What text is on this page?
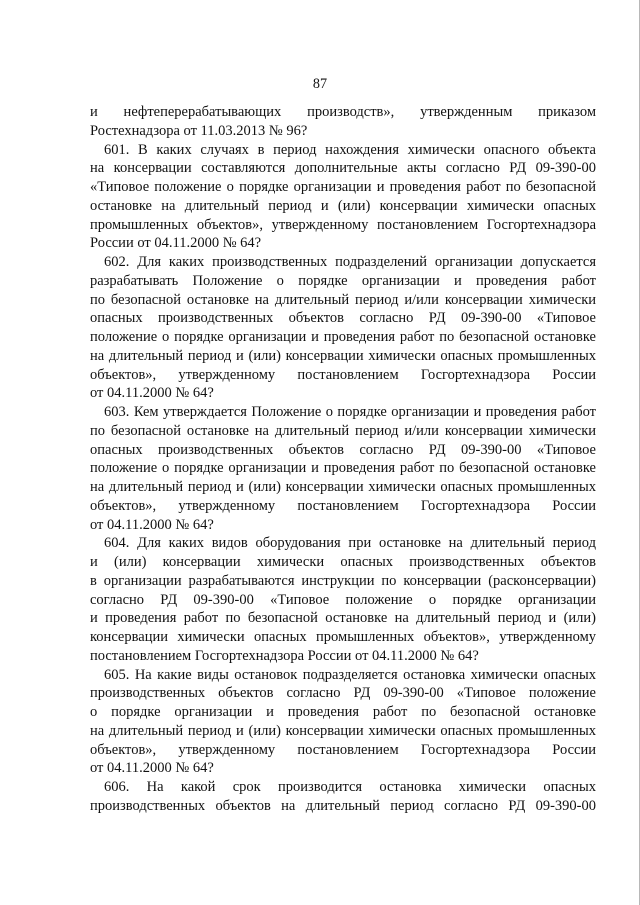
87
и нефтеперерабатывающих производств», утвержденным приказом
Ростехнадзора от 11.03.2013 № 96?
601. В каких случаях в период нахождения химически опасного объекта
на консервации составляются дополнительные акты согласно РД 09-390-00
«Типовое положение о порядке организации и проведения работ по безопасной
остановке на длительный период и (или) консервации химически опасных
промышленных объектов», утвержденному постановлением Госгортехнадзора
России от 04.11.2000 № 64?
602. Для каких производственных подразделений организации допускается
разрабатывать Положение о порядке организации и проведения работ
по безопасной остановке на длительный период и/или консервации химически
опасных производственных объектов согласно РД 09-390-00 «Типовое
положение о порядке организации и проведения работ по безопасной остановке
на длительный период и (или) консервации химически опасных промышленных
объектов», утвержденному постановлением Госгортехнадзора России
от 04.11.2000 № 64?
603. Кем утверждается Положение о порядке организации и проведения работ
по безопасной остановке на длительный период и/или консервации химически
опасных производственных объектов согласно РД 09-390-00 «Типовое
положение о порядке организации и проведения работ по безопасной остановке
на длительный период и (или) консервации химически опасных промышленных
объектов», утвержденному постановлением Госгортехнадзора России
от 04.11.2000 № 64?
604. Для каких видов оборудования при остановке на длительный период
и (или) консервации химически опасных производственных объектов
в организации разрабатываются инструкции по консервации (расконсервации)
согласно РД 09-390-00 «Типовое положение о порядке организации
и проведения работ по безопасной остановке на длительный период и (или)
консервации химически опасных промышленных объектов», утвержденному
постановлением Госгортехнадзора России от 04.11.2000 № 64?
605. На какие виды остановок подразделяется остановка химически опасных
производственных объектов согласно РД 09-390-00 «Типовое положение
о порядке организации и проведения работ по безопасной остановке
на длительный период и (или) консервации химически опасных промышленных
объектов», утвержденному постановлением Госгортехнадзора России
от 04.11.2000 № 64?
606. На какой срок производится остановка химически опасных
производственных объектов на длительный период согласно РД 09-390-00
